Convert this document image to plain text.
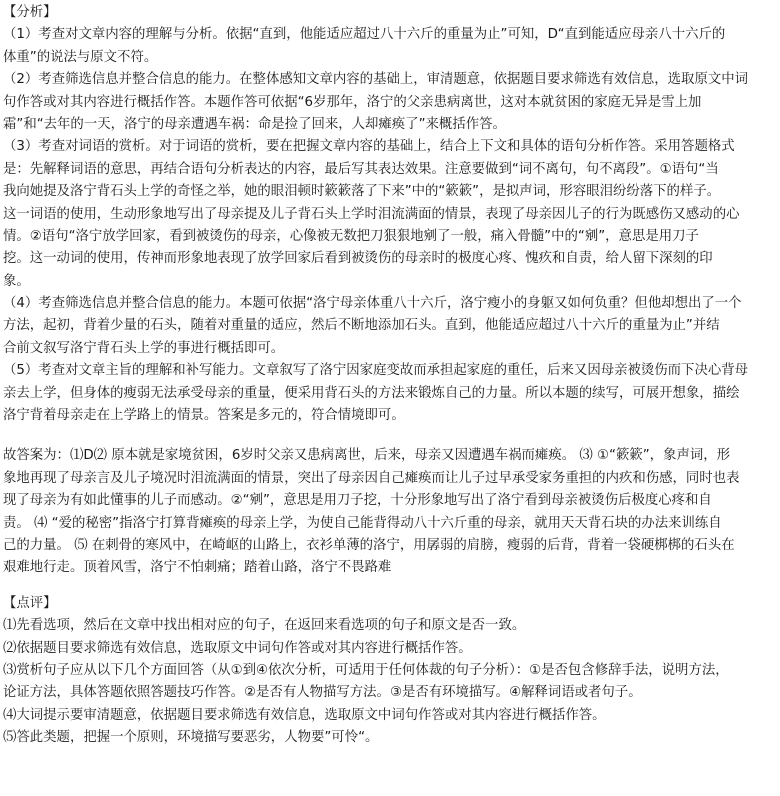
【分析】
（1）考查对文章内容的理解与分析。依据“直到，他能适应超过八十六斤的重量为止”可知，D“直到能适应母亲八十六斤的
体重”的说法与原文不符。
（2）考查筛选信息并整合信息的能力。在整体感知文章内容的基础上，审清题意，依据题目要求筛选有效信息，选取原文中词
句作答或对其内容进行概括作答。本题作答可依据“6岁那年，洛宁的父亲患病离世，这对本就贫困的家庭无异是雪上加
霜”和“去年的一天，洛宁的母亲遭遇车祸：命是捡了回来，人却瘫痪了”来概括作答。
（3）考查对词语的赏析。对于词语的赏析，要在把握文章内容的基础上，结合上下文和具体的语句分析作答。采用答题格式
是：先解释词语的意思，再结合语句分析表达的内容，最后写其表达效果。注意要做到“词不离句，句不离段”。①语句“当
我向她提及洛宁背石头上学的奇怪之举，她的眼泪顿时簌簌落了下来”中的“簌簌”，是拟声词，形容眼泪纷纷落下的样子。
这一词语的使用，生动形象地写出了母亲提及儿子背石头上学时泪流满面的情景，表现了母亲因儿子的行为既感伤又感动的心
情。②语句“洛宁放学回家，看到被烫伤的母亲，心像被无数把刀狠狠地剜了一般，痛入骨髓”中的“剜”，意思是用刀子
挖。这一动词的使用，传神而形象地表现了放学回家后看到被烫伤的母亲时的极度心疼、愧疚和自责，给人留下深刻的印
象。
（4）考查筛选信息并整合信息的能力。本题可依据“洛宁母亲体重八十六斤，洛宁瘦小的身躯又如何负重？但他却想出了一个
方法，起初，背着少量的石头，随着对重量的适应，然后不断地添加石头。直到，他能适应超过八十六斤的重量为止”并结
合前文叙写洛宁背石头上学的事进行概括即可。
（5）考查对文章主旨的理解和补写能力。文章叙写了洛宁因家庭变故而承担起家庭的重任，后来又因母亲被烫伤而下决心背母
亲去上学，但身体的瘦弱无法承受母亲的重量，便采用背石头的方法来锻炼自己的力量。所以本题的续写，可展开想象，描绘
洛宁背着母亲走在上学路上的情景。答案是多元的，符合情境即可。
故答案为：⑴D⑵ 原本就是家境贫困，6岁时父亲又患病离世，后来，母亲又因遭遇车祸而瘫痪。 ⑶ ①“簌簌”，象声词，形
象地再现了母亲言及儿子境况时泪流满面的情景，突出了母亲因自己瘫痪而让儿子过早承受家务重担的内疚和伤感，同时也表
现了母亲为有如此懂事的儿子而感动。②“剜”，意思是用刀子挖，十分形象地写出了洛宁看到母亲被烫伤后极度心疼和自
责。 ⑷ “爱的秘密”指洛宁打算背瘫痪的母亲上学，为使自己能背得动八十六斤重的母亲，就用天天背石块的办法来训练自
己的力量。 ⑸ 在刺骨的寒风中，在崎岖的山路上，衣衫单薄的洛宁，用孱弱的肩膀，瘦弱的后背，背着一袋硬梆梆的石头在
艰难地行走。顶着风雪，洛宁不怕刺痛；踏着山路，洛宁不畏路难
【点评】
⑴先看选项，然后在文章中找出相对应的句子，在返回来看选项的句子和原文是否一致。
⑵依据题目要求筛选有效信息，选取原文中词句作答或对其内容进行概括作答。
⑶赏析句子应从以下几个方面回答（从①到④依次分析，可适用于任何体裁的句子分析）：①是否包含修辞手法，说明方法，
论证方法，具体答题依照答题技巧作答。②是否有人物描写方法。③是否有环境描写。④解释词语或者句子。
⑷大词提示要审清题意，依据题目要求筛选有效信息，选取原文中词句作答或对其内容进行概括作答。
⑸答此类题，把握一个原则，环境描写要恶劣，人物要”可怜“。
